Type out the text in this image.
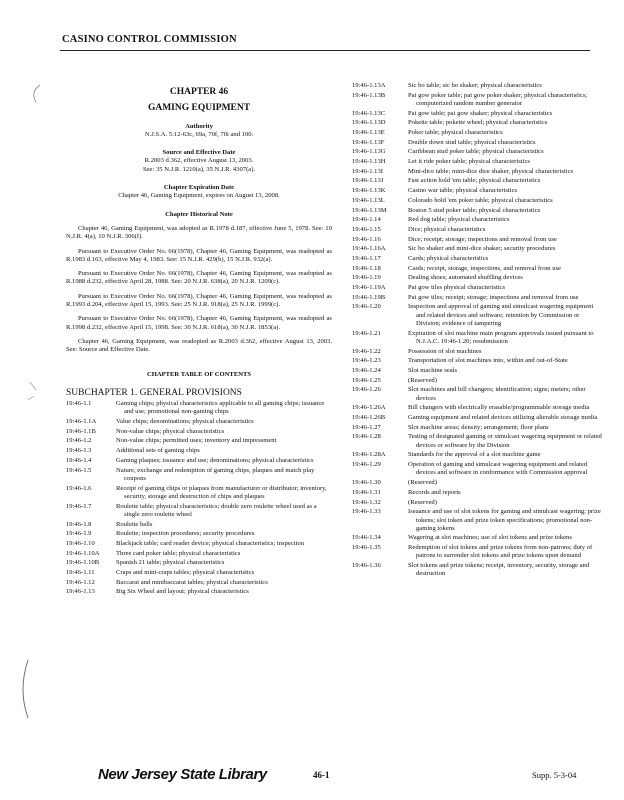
CASINO CONTROL COMMISSION
CHAPTER 46
GAMING EQUIPMENT
Authority
N.J.S.A. 5:12-63c, 69a, 70f, 70i and 100.
Source and Effective Date
R.2003 d.362, effective August 13, 2003.
See: 35 N.J.R. 1210(a), 35 N.J.R. 4307(a).
Chapter Expiration Date
Chapter 46, Gaming Equipment, expires on August 13, 2008.
Chapter Historical Note

Chapter 46, Gaming Equipment, was adopted as R.1978 d.187, effective June 5, 1978. See: 10 N.J.R. 4(a), 10 N.J.R. 306(f).

Pursuant to Executive Order No. 66(1978), Chapter 46, Gaming Equipment, was readopted as R.1983 d.163, effective May 4, 1983. See: 15 N.J.R. 429(b), 15 N.J.R. 932(a).

Pursuant to Executive Order No. 66(1978), Chapter 46, Gaming Equipment, was readopted as R.1988 d.232, effective April 28, 1988. See: 20 N.J.R. 638(a), 20 N.J.R. 1209(c).

Pursuant to Executive Order No. 66(1978), Chapter 46, Gaming Equipment, was readopted as R.1993 d.204, effective April 15, 1993. See: 25 N.J.R. 918(a), 25 N.J.R. 1999(c).

Pursuant to Executive Order No. 66(1978), Chapter 46, Gaming Equipment, was readopted as R.1998 d.232, effective April 15, 1998. See: 30 N.J.R. 618(a), 30 N.J.R. 1853(a).

Chapter 46, Gaming Equipment, was readopted as R.2003 d.362, effective August 13, 2003. See: Source and Effective Date.

CHAPTER TABLE OF CONTENTS
SUBCHAPTER 1. GENERAL PROVISIONS
19:46-1.1	Gaming chips; physical characteristics applicable to all gaming chips; issuance and use; promotional non-gaming chips
19:46-1.1A	Value chips; denominations; physical characteristics
19:46-1.1B	Non-value chips; physical characteristics
19:46-1.2	Non-value chips; permitted uses; inventory and impressment
19:46-1.3	Additional sets of gaming chips
19:46-1.4	Gaming plaques; issuance and use; denominations; physical characteristics
19:46-1.5	Nature, exchange and redemption of gaming chips, plaques and match play coupons
19:46-1.6	Receipt of gaming chips or plaques from manufacturer or distributor; inventory, security, storage and destruction of chips and plaques
19:46-1.7	Roulette table; physical characteristics; double zero roulette wheel used as a single zero roulette wheel
19:46-1.8	Roulette balls
19:46-1.9	Roulette; inspection procedures; security procedures
19:46-1.10	Blackjack table; card reader device; physical characteristics; inspection
19:46-1.10A	Three card poker table; physical characteristics
19:46-1.10B	Spanish 21 table; physical characteristics
19:46-1.11	Craps and mini-craps tables; physical characteristics
19:46-1.12	Baccarat and minibaccarat tables; physical characteristics
19:46-1.13	Big Six Wheel and layout; physical characteristics
19:46-1.13A	Sic bo table; sic bo shaker; physical characteristics
19:46-1.13B	Pai gow poker table; pai gow poker shaker; physical characteristics; computerized random number generator
19:46-1.13C	Pai gow table; pai gow shaker; physical characteristics
19:46-1.13D	Pokette table; pokette wheel; physical characteristics
19:46-1.13E	Poker table; physical characteristics
19:46-1.13F	Double down stud table; physical characteristics
19:46-1.13G	Caribbean stud poker table; physical characteristics
19:46-1.13H	Let it ride poker table; physical characteristics
19:46-1.13I	Mini-dice table; mini-dice dice shaker, physical characteristics
19:46-1.13J	Fast action hold 'em table; physical characteristics
19:46-1.13K	Casino war table; physical characteristics
19:46-1.13L	Colorado hold 'em poker table; physical characteristics
19:46-1.13M	Boston 5 stud poker table; physical characteristics
19:46-1.14	Red dog table; physical characteristics
19:46-1.15	Dice; physical characteristics
19:46-1.16	Dice; receipt; storage; inspections and removal from use
19:46-1.16A	Sic bo shaker and mini-dice shaker; security procedures
19:46-1.17	Cards; physical characteristics
19:46-1.18	Cards; receipt, storage, inspections, and removal from use
19:46-1.19	Dealing shoes; automated shuffling devices
19:46-1.19A	Pai gow tiles physical characteristics
19:46-1.19B	Pai gow tiles; receipt; storage; inspections and removal from use
19:46-1.20	Inspection and approval of gaming and simulcast wagering equipment and related devices and software; retention by Commission or Division; evidence of tampering
19:46-1.21	Expiration of slot machine main program approvals issued pursuant to N.J.A.C. 19:46-1.20; resubmission
19:46-1.22	Possession of slot machines
19:46-1.23	Transportation of slot machines into, within and out-of-State
19:46-1.24	Slot machine seals
19:46-1.25	(Reserved)
19:46-1.26	Slot machines and bill changers; identification; signs; meters; other devices
19:46-1.26A	Bill changers with electrically erasable/programmable storage media
19:46-1.26B	Gaming equipment and related devices utilizing alterable storage media
19:46-1.27	Slot machine areas; density; arrangement; floor plans
19:46-1.28	Testing of designated gaming or simulcast wagering equipment or related devices or software by the Division
19:46-1.28A	Standards for the approval of a slot machine game
19:46-1.29	Operation of gaming and simulcast wagering equipment and related devices and software in conformance with Commission approval
19:46-1.30	(Reserved)
19:46-1.31	Records and reports
19:46-1.32	(Reserved)
19:46-1.33	Issuance and use of slot tokens for gaming and simulcast wagering; prize tokens; slot token and prize token specifications; promotional non-gaming tokens
19:46-1.34	Wagering at slot machines; use of slot tokens and prize tokens
19:46-1.35	Redemption of slot tokens and prize tokens from non-patrons; duty of patrons to surrender slot tokens and prize tokens upon demand
19:46-1.36	Slot tokens and prize tokens; receipt, inventory, security, storage and destruction
New Jersey State Library	46-1	Supp. 5-3-04
